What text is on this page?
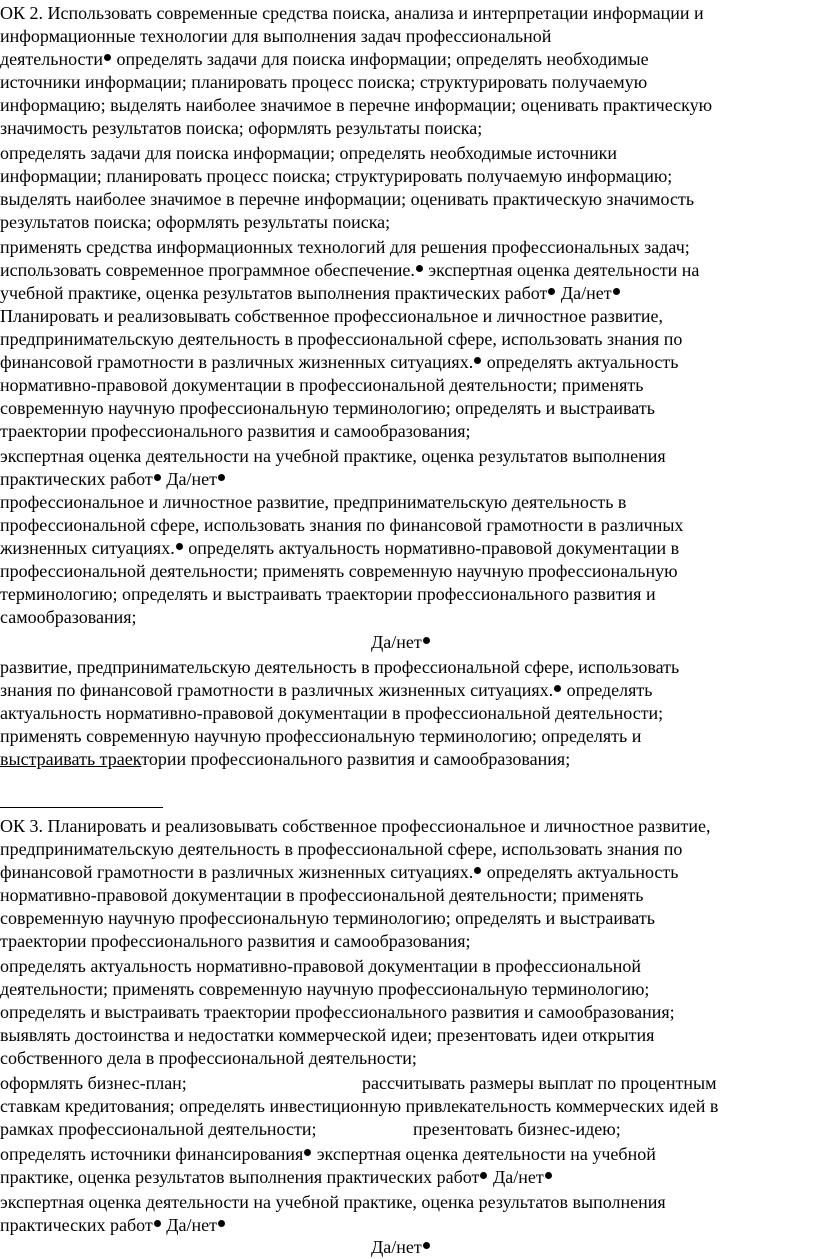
ОК 2. Использовать современные средства поиска, анализа и интерпретации информации и
информационные технологии для выполнения задач профессиональной
деятельности определять задачи для поиска информации; определять необходимые
источники информации; планировать процесс поиска; структурировать получаемую
информацию; выделять наиболее значимое в перечне информации; оценивать практическую
значимость результатов поиска; оформлять результаты поиска;
определять задачи для поиска информации; определять необходимые источники
информации; планировать процесс поиска; структурировать получаемую информацию;
выделять наиболее значимое в перечне информации; оценивать практическую значимость
результатов поиска; оформлять результаты поиска;
применять средства информационных технологий для решения профессиональных задач;
использовать современное программное обеспечение. экспертная оценка деятельности на
учебной практике, оценка результатов выполнения практических работ Да/нет
Планировать и реализовывать собственное профессиональное и личностное развитие,
предпринимательскую деятельность в профессиональной сфере, использовать знания по
финансовой грамотности в различных жизненных ситуациях. определять актуальность
нормативно-правовой документации в профессиональной деятельности; применять
современную научную профессиональную терминологию; определять и выстраивать
траектории профессионального развития и самообразования;
экспертная оценка деятельности на учебной практике, оценка результатов выполнения
практических работ Да/нет
профессиональное и личностное развитие, предпринимательскую деятельность в
профессиональной сфере, использовать знания по финансовой грамотности в различных
жизненных ситуациях. определять актуальность нормативно-правовой документации в
профессиональной деятельности; применять современную научную профессиональную
терминологию; определять и выстраивать траектории профессионального развития и
самообразования;
Да/нет
развитие, предпринимательскую деятельность в профессиональной сфере, использовать
знания по финансовой грамотности в различных жизненных ситуациях. определять
актуальность нормативно-правовой документации в профессиональной деятельности;
применять современную научную профессиональную терминологию; определять и
выстраивать траектории профессионального развития и самообразования;
ОК 3. Планировать и реализовывать собственное профессиональное и личностное развитие,
предпринимательскую деятельность в профессиональной сфере, использовать знания по
финансовой грамотности в различных жизненных ситуациях. определять актуальность
нормативно-правовой документации в профессиональной деятельности; применять
современную научную профессиональную терминологию; определять и выстраивать
траектории профессионального развития и самообразования;
определять актуальность нормативно-правовой документации в профессиональной
деятельности; применять современную научную профессиональную терминологию;
определять и выстраивать траектории профессионального развития и самообразования;
выявлять достоинства и недостатки коммерческой идеи; презентовать идеи открытия
собственного дела в профессиональной деятельности;
оформлять бизнес-план;	рассчитывать размеры выплат по процентным
ставкам кредитования; определять инвестиционную привлекательность коммерческих идей в
рамках профессиональной деятельности;	презентовать бизнес-идею;
определять источники финансирования экспертная оценка деятельности на учебной
практике, оценка результатов выполнения практических работ Да/нет
экспертная оценка деятельности на учебной практике, оценка результатов выполнения
практических работ Да/нет
Да/нет
